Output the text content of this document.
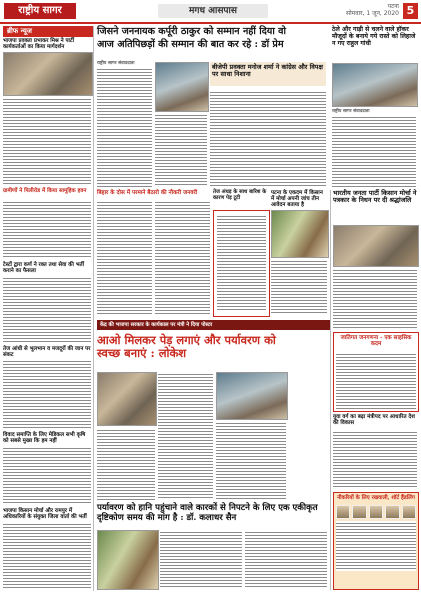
राष्ट्रीय सागर	मगध आसपास	पटना
सोमवार, 1 जून, 2020 5
ब्रीफ न्यूज
भाजपा प्रवक्ता प्रभाकर मिश्र ने पार्टी कार्यकर्ताओं का किया मार्गदर्शन
ग्रामीणों ने पिलीरोड में किया सामूहिक हवन
टेस्टों द्वारा कर्ण ने रक्त तथा सेवा की भर्ती कराने का फैसला
तेज आंधी से भूलभान व मजदूरों की जान पर संकट
विवाद समाप्ति के लिए मेडिकल सभी कृषि को सबसे मुख्य कि हम नहीं
भाजपा किसान मोर्चा और रामपुर में अधिकारियों के संयुक्त जिला वार्ता की भर्ती
जिसने जननायक कर्पूरी ठाकुर को सम्मान नहीं दिया वो
आज अतिपिछड़ों की सम्मान की बात कर रहे : डॉ प्रेम
राष्ट्रीय सागर संवाददाता	बीजेपी प्रवक्ता मनोज शर्मा ने कांग्रेस और विपक्ष पर साधा निशाना
बिहार के दोस में परमाने बैठारो की नौकरी जनवरी	तेज अंधड़ के साथ बारिश के कारण पेड़ टूटी
पटना के एकदम में किसान में मोर्चा अपनी जांच तीन आवेदन बताया है
केंद्र की भाजपा सरकार के कार्यकाल पर मंत्री ने दिया पोस्टर
आओ मिलकर पेड़ लगाएं और पर्यावरण को स्वच्छ बनाएं : लोकेश
पर्यावरण को हानि पहुंचाने वाले कारकों से निपटने के लिए एक एकीकृत दृष्टिकोण समय की मांग है : डॉ. कलाधर सैन
ठेले और गाड़ी से चलने वाले हॉकर मौजूदों के बनाये गये रास्ते को लिहाजे न गए राहुल गांधी
राष्ट्रीय सागर संवाददाता
भारतीय जनता पार्टी किसान मोर्चा ने पत्रकार के निधन पर दी श्रद्धांजलि
जातिगत जनगणना - एक साहसिक कदम
युवा वर्ग का बढ़ा मंत्रीपद पर आधारित देश की विकास
नौकरियों के लिए रखवाली, शॉर्ट हैंडलिंग
